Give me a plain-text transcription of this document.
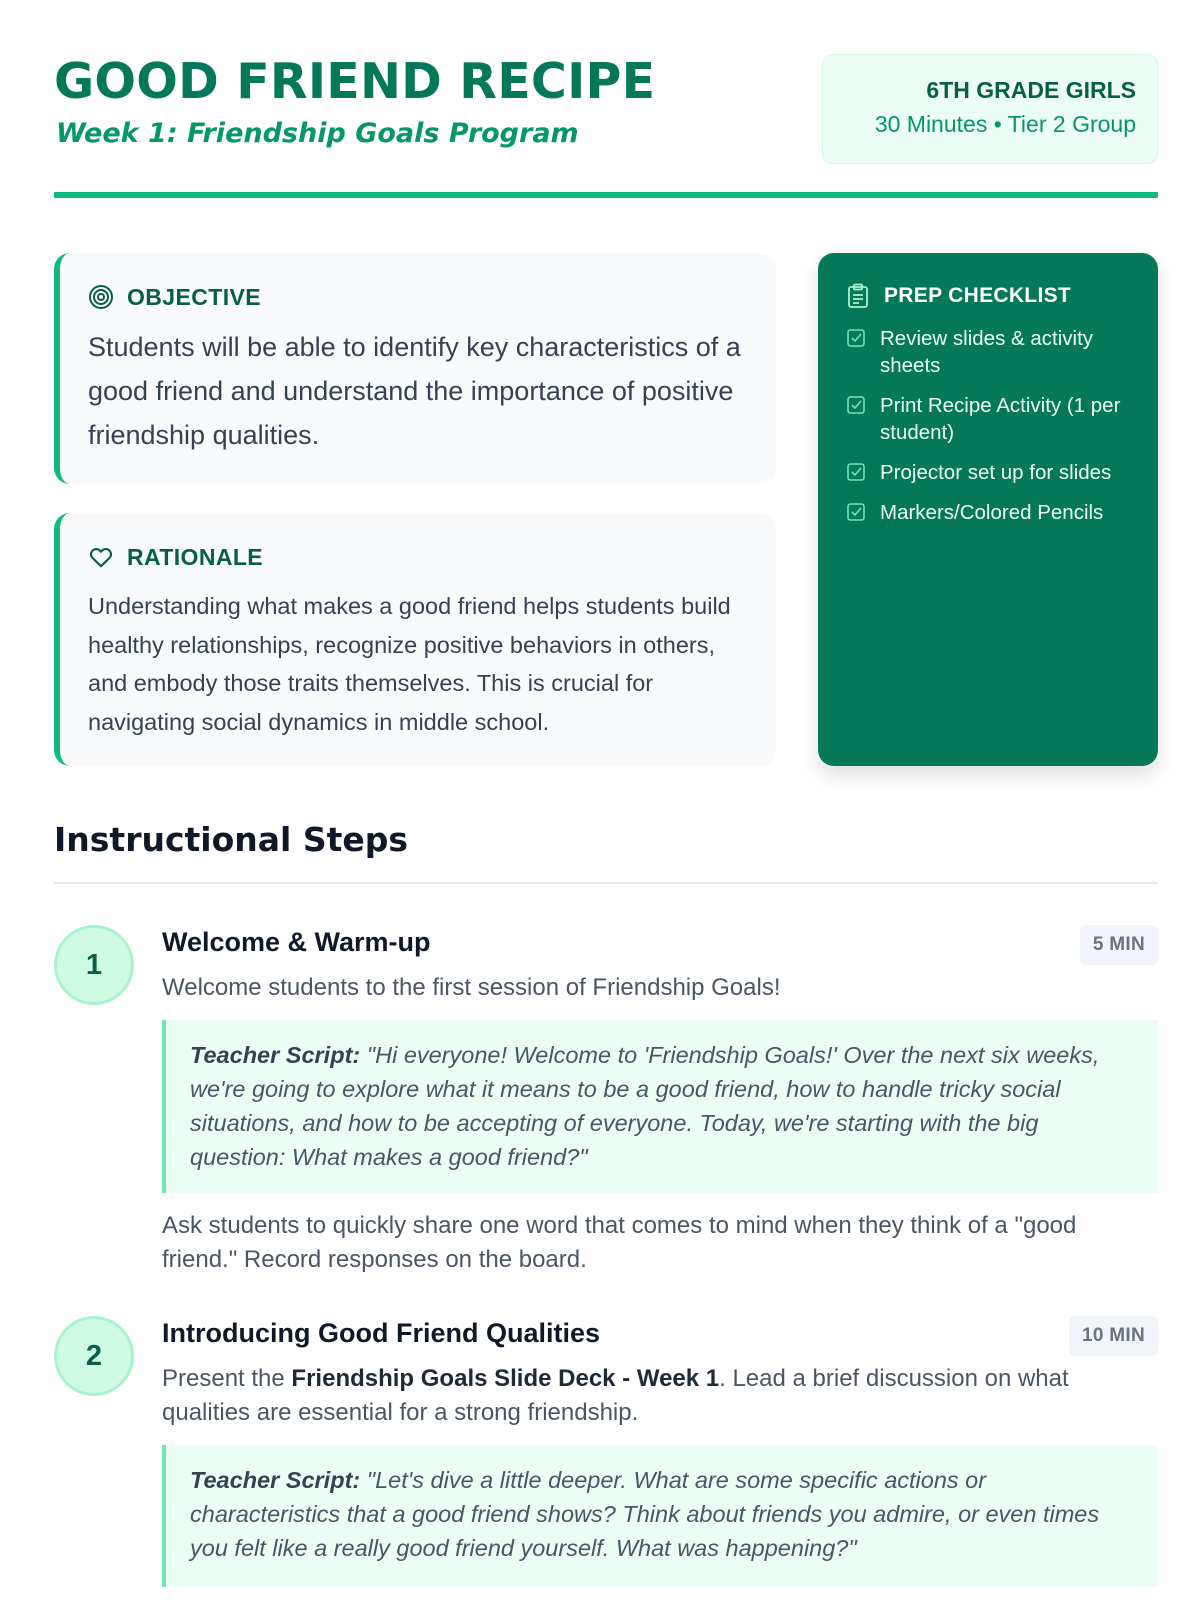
GOOD FRIEND RECIPE
Week 1: Friendship Goals Program
6TH GRADE GIRLS
30 Minutes • Tier 2 Group
OBJECTIVE

Students will be able to identify key characteristics of a good friend and understand the importance of positive friendship qualities.

RATIONALE

Understanding what makes a good friend helps students build healthy relationships, recognize positive behaviors in others, and embody those traits themselves. This is crucial for navigating social dynamics in middle school.

PREP CHECKLIST
Review slides & activity sheets
Print Recipe Activity (1 per student)
Projector set up for slides
Markers/Colored Pencils
Instructional Steps
1
Welcome & Warm-up	5 MIN

Welcome students to the first session of Friendship Goals!

Teacher Script: "Hi everyone! Welcome to 'Friendship Goals!' Over the next six weeks, we're going to explore what it means to be a good friend, how to handle tricky social situations, and how to be accepting of everyone. Today, we're starting with the big question: What makes a good friend?"

Ask students to quickly share one word that comes to mind when they think of a "good friend." Record responses on the board.

2
Introducing Good Friend Qualities	10 MIN

Present the Friendship Goals Slide Deck - Week 1. Lead a brief discussion on what qualities are essential for a strong friendship.

Teacher Script: "Let's dive a little deeper. What are some specific actions or characteristics that a good friend shows? Think about friends you admire, or even times you felt like a really good friend yourself. What was happening?"
